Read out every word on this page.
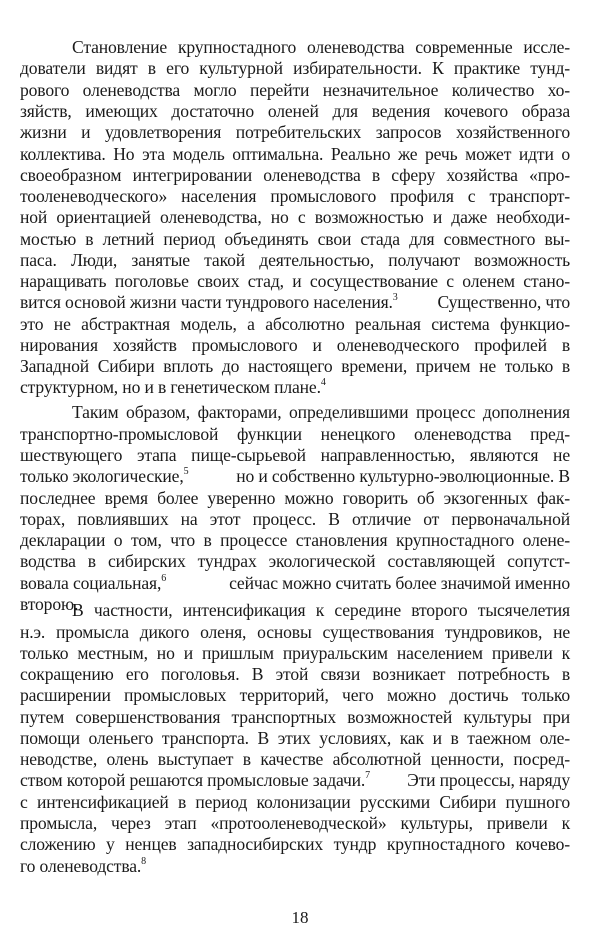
Становление крупностадного оленеводства современные иссле-
дователи видят в его культурной избирательности. К практике тунд-
рового оленеводства могло перейти незначительное количество хо-
зяйств, имеющих достаточно оленей для ведения кочевого образа
жизни и удовлетворения потребительских запросов хозяйственного
коллектива. Но эта модель оптимальна. Реально же речь может идти о
своеобразном интегрировании оленеводства в сферу хозяйства «про-
тооленеводческого» населения промыслового профиля с транспорт-
ной ориентацией оленеводства, но с возможностью и даже необходи-
мостью в летний период объединять свои стада для совместного вы-
паса. Люди, занятые такой деятельностью, получают возможность
наращивать поголовье своих стад, и сосуществование с оленем стано-
вится основой жизни части тундрового населения.$^3$ Существенно, что
это не абстрактная модель, а абсолютно реальная система функцио-
нирования хозяйств промыслового и оленеводческого профилей в
Западной Сибири вплоть до настоящего времени, причем не только в
структурном, но и в генетическом плане.$^4$
Таким образом, факторами, определившими процесс дополнения
транспортно-промысловой функции ненецкого оленеводства пред-
шествующего этапа пище-сырьевой направленностью, являются не
только экологические,$^5$	но и собственно культурно-эволюционные. В
последнее время более уверенно можно говорить об экзогенных фак-
торах, повлиявших на этот процесс. В отличие от первоначальной
декларации о том, что в процессе становления крупностадного олене-
водства в сибирских тундрах экологической составляющей сопутст-
вовала социальная,$^6$	сейчас можно считать более значимой именно
второю.
В частности, интенсификация к середине второго тысячелетия
н.э. промысла дикого оленя, основы существования тундровиков, не
только местным, но и пришлым приуральским населением привели к
сокращению его поголовья. В этой связи возникает потребность в
расширении промысловых территорий, чего можно достичь только
путем совершенствования транспортных возможностей культуры при
помощи оленьего транспорта. В этих условиях, как и в таежном оле-
неводстве, олень выступает в качестве абсолютной ценности, посред-
ством которой решаются промысловые задачи.$^7$ Эти процессы, наряду
с интенсификацией в период колонизации русскими Сибири пушного
промысла, через этап «протооленеводческой» культуры, привели к
сложению у ненцев западносибирских тундр крупностадного кочево-
го оленеводства.$^8$
18
